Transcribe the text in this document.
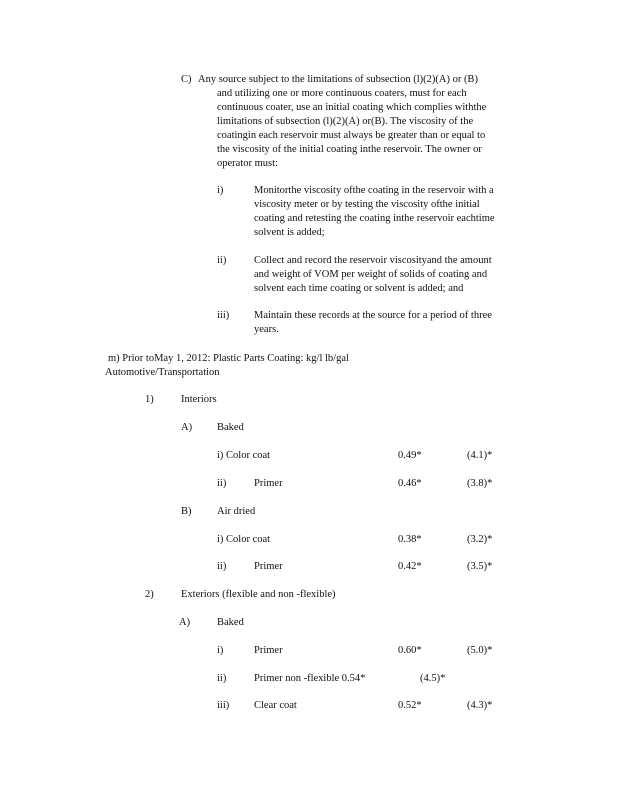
C) Any source subject to the limitations of subsection (l)(2)(A) or (B)
and utilizing one or more continuous coaters, must for each
continuous coater, use an initial coating which complies withthe
limitations of subsection (l)(2)(A) or(B). The viscosity of the
coatingin each reservoir must always be greater than or equal to
the viscosity of the initial coating inthe reservoir. The owner or
operator must:
i)	Monitorthe viscosity ofthe coating in the reservoir with a
viscosity meter or by testing the viscosity ofthe initial
coating and retesting the coating inthe reservoir eachtime
solvent is added;
ii)	Collect and record the reservoir viscosityand the amount
and weight of VOM per weight of solids of coating and
solvent each time coating or solvent is added; and
iii) Maintain these records at the source for a period of three
years.
m) Prior toMay 1, 2012: Plastic Parts Coating: kg/l lb/gal
Automotive/Transportation
1)	Interiors
A) Baked
i) Color coat	0.49*	(4.1)*
ii)	Primer	0.46*	(3.8)*
B) Air dried
i) Color coat	0.38*	(3.2)*
ii)	Primer	0.42*	(3.5)*
2)	Exteriors (flexible and non -flexible)
A)	Baked
i)	Primer	0.60*	(5.0)*
ii)	Primer non -flexible 0.54*	(4.5)*
iii) Clear coat	0.52*	(4.3)*
